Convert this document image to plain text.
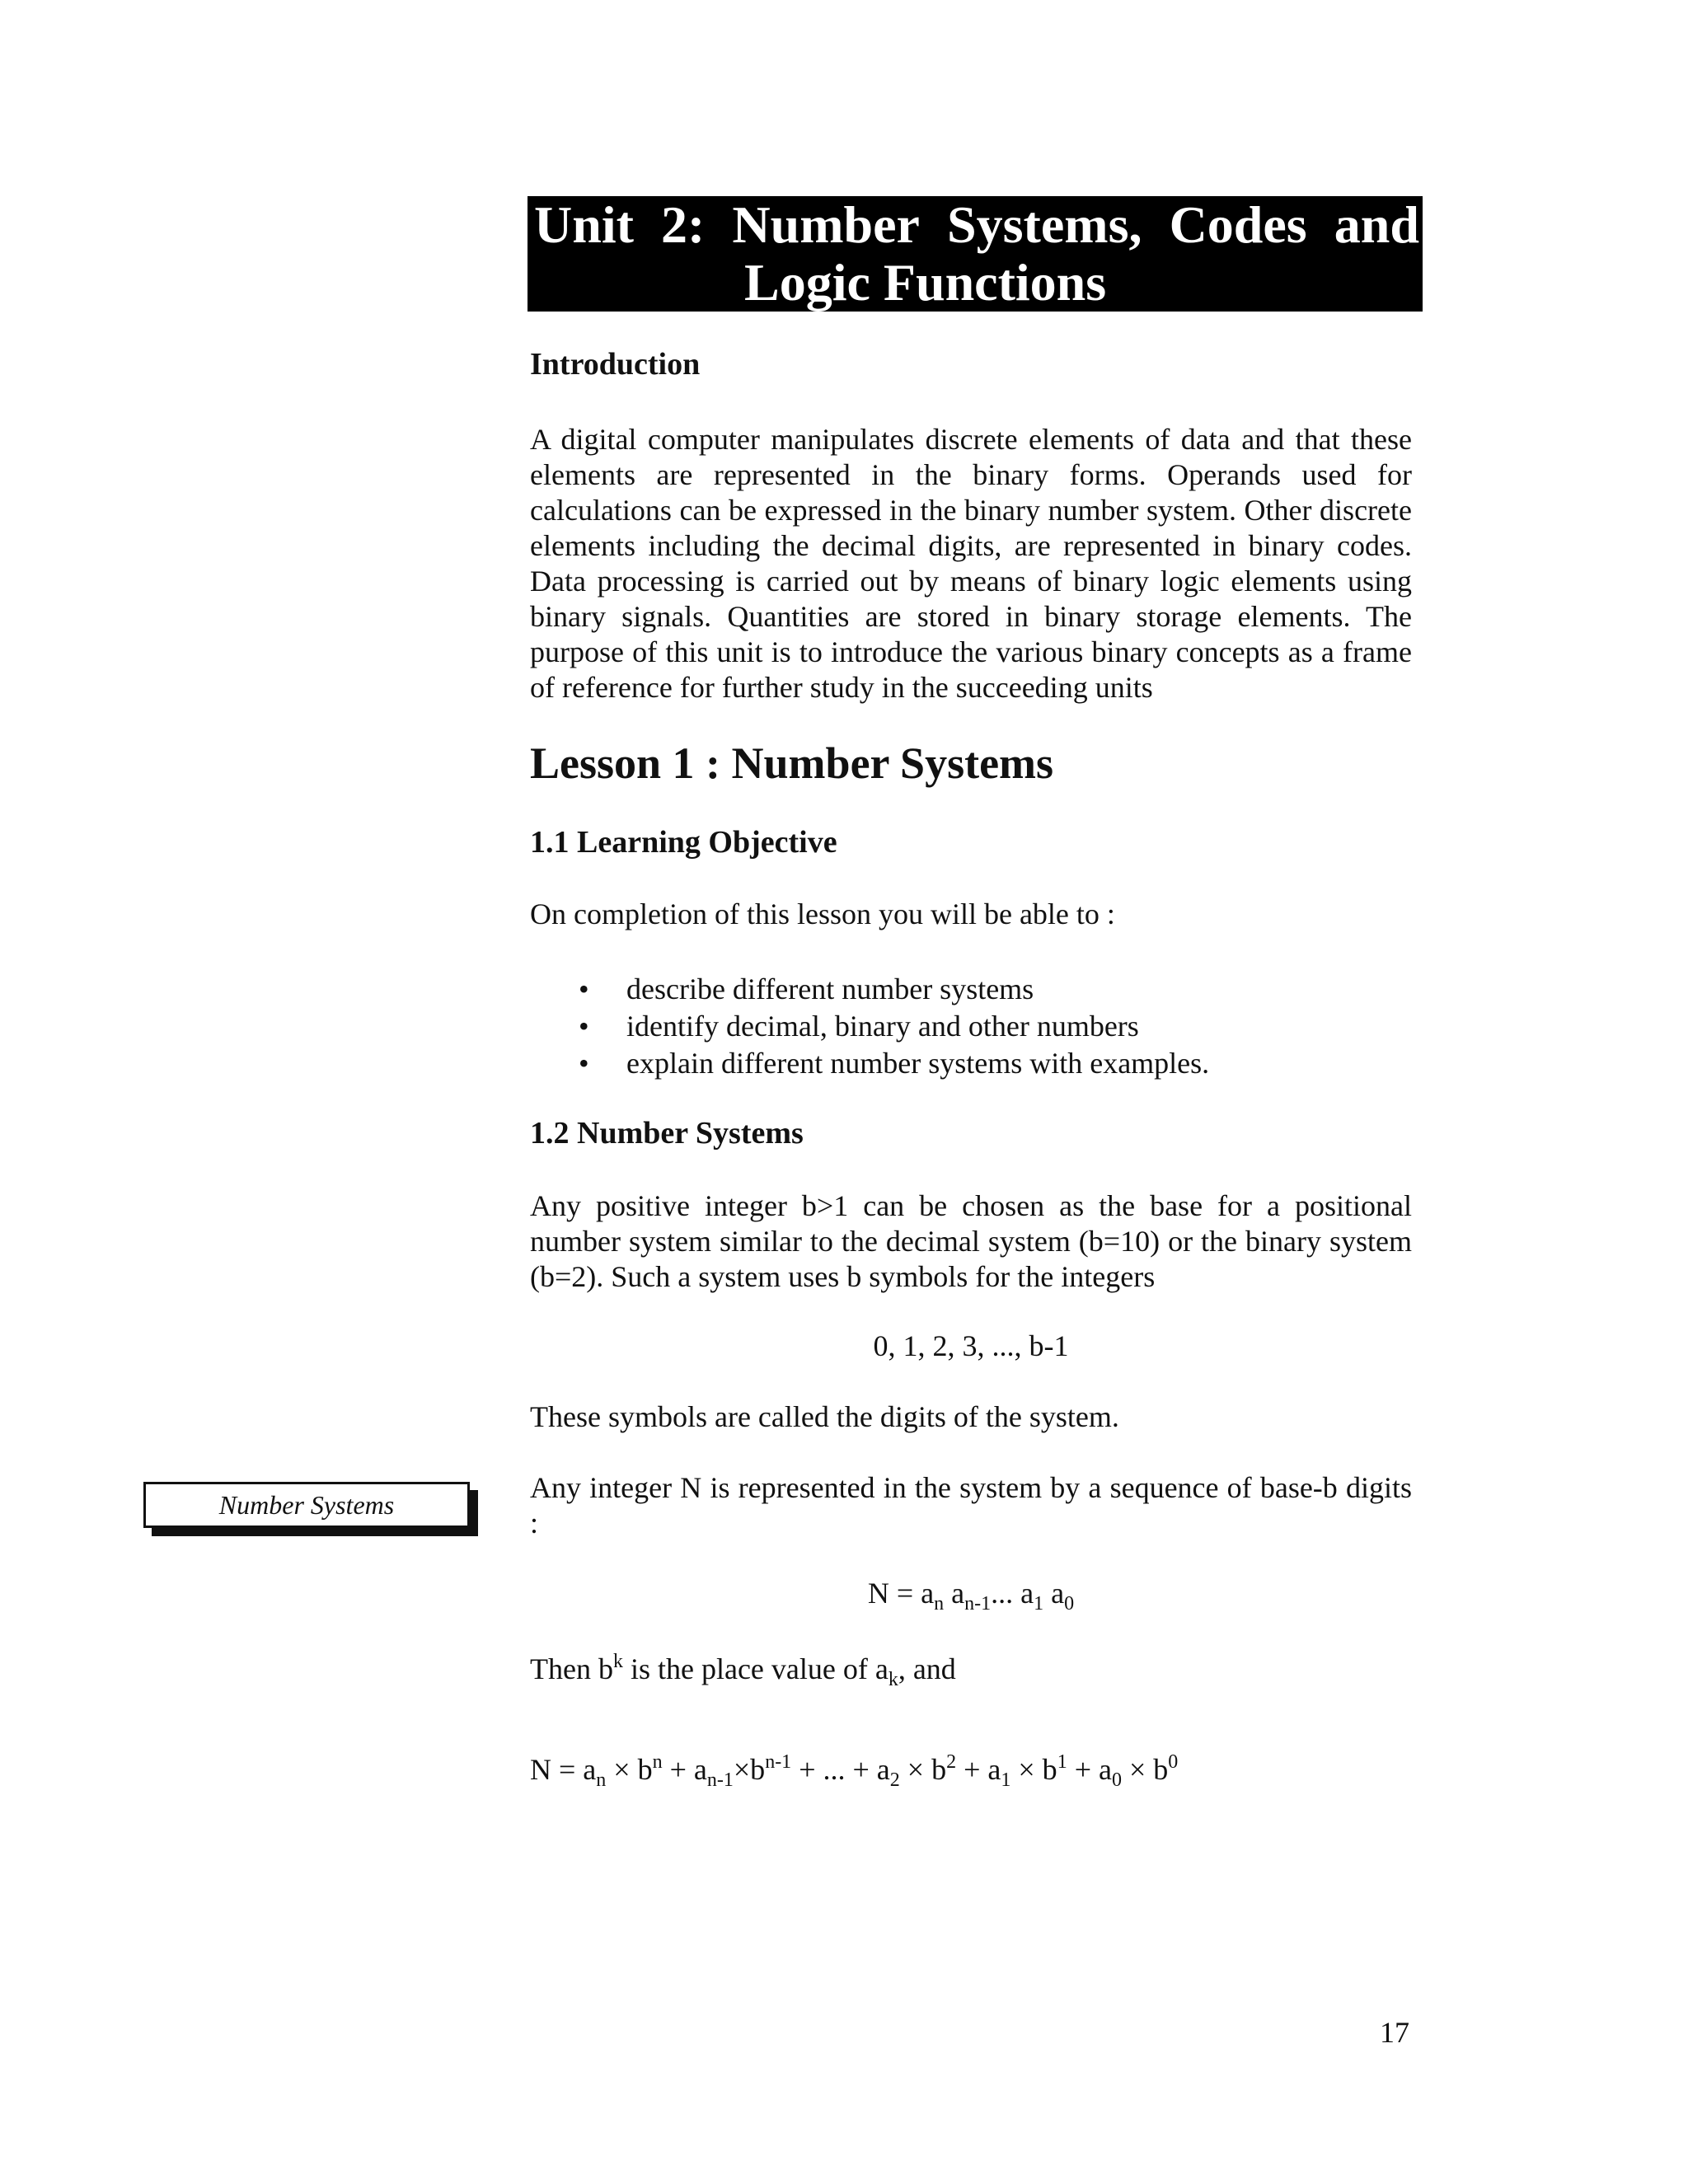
Unit 2: Number Systems, Codes and
Logic Functions
Introduction
A digital computer manipulates discrete elements of data and that these elements are represented in the binary forms. Operands used for calculations can be expressed in the binary number system. Other discrete elements including the decimal digits, are represented in binary codes. Data processing is carried out by means of binary logic elements using binary signals. Quantities are stored in binary storage elements. The purpose of this unit is to introduce the various binary concepts as a frame of reference for further study in the succeeding units
Lesson 1 : Number Systems
1.1 Learning Objective
On completion of this lesson you will be able to :
• describe different number systems
• identify decimal, binary and other numbers
• explain different number systems with examples.
1.2 Number Systems
Any positive integer b>1 can be chosen as the base for a positional number system similar to the decimal system (b=10) or the binary system (b=2). Such a system uses b symbols for the integers
0, 1, 2, 3, ..., b-1
These symbols are called the digits of the system.
Any integer N is represented in the system by a sequence of base-b digits :
Number Systems
$N = a_n$ $a_{n-1}$... $a_1$ $a_0$
Then $b^k$ is the place value of $a_k$, and
$N = a_n \times b^n + a_{n-1}\times b^{n-1}$ + ... + $a_2 \times b^2 + a_1 \times b^1 + a_0 \times b^0$
17
